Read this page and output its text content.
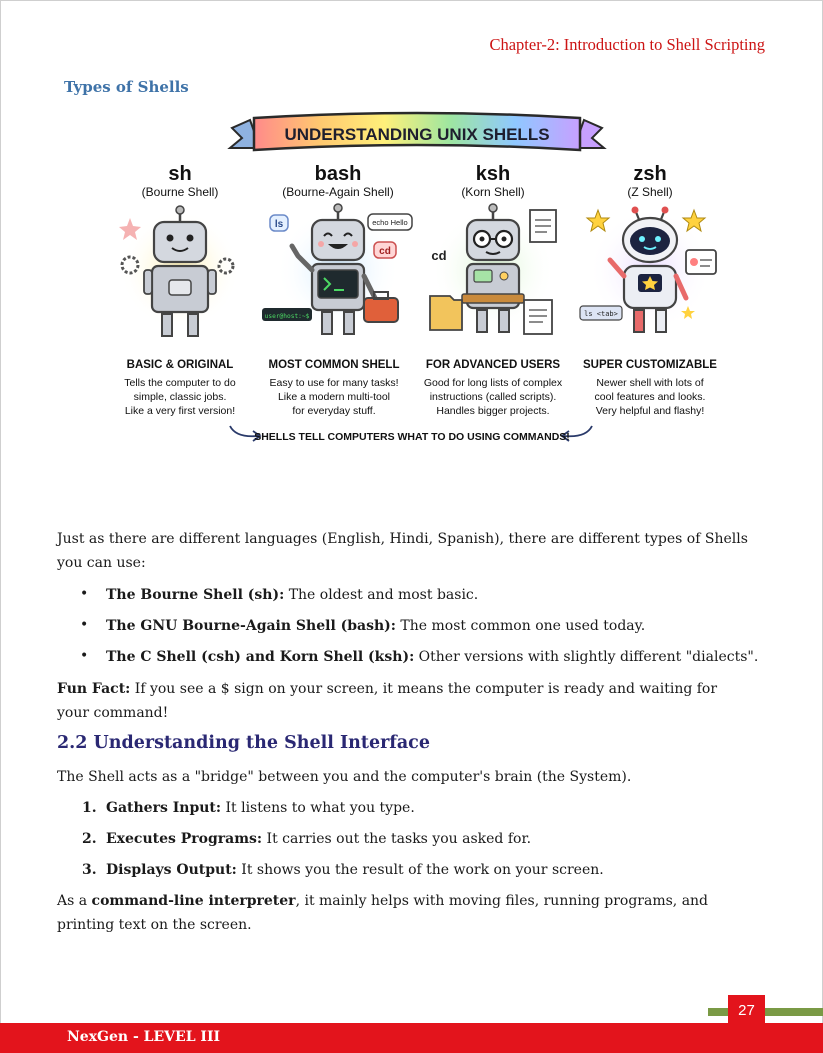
Chapter-2: Introduction to Shell Scripting
Types of Shells
UNDERSTANDING UNIX SHELLS
sh
(Bourne Shell)
BASIC & ORIGINAL
Tells the computer to do
simple, classic jobs.
Like a very first version!
bash
(Bourne-Again Shell)
ls	echo Hello
cd
user@host:~$
MOST COMMON SHELL
Easy to use for many tasks!
Like a modern multi-tool
for everyday stuff.
ksh
(Korn Shell)
cd
FOR ADVANCED USERS
Good for long lists of complex
instructions (called scripts).
Handles bigger projects.
zsh
(Z Shell)
ls <tab>
SUPER CUSTOMIZABLE
Newer shell with lots of
cool features and looks.
Very helpful and flashy!
SHELLS TELL COMPUTERS WHAT TO DO USING COMMANDS!
Just as there are different languages (English, Hindi, Spanish), there are different types of Shells
you can use:
• The Bourne Shell (sh): The oldest and most basic.
• The GNU Bourne-Again Shell (bash): The most common one used today.
• The C Shell (csh) and Korn Shell (ksh): Other versions with slightly different "dialects".
Fun Fact: If you see a $ sign on your screen, it means the computer is ready and waiting for
your command!
2.2 Understanding the Shell Interface
The Shell acts as a "bridge" between you and the computer's brain (the System).
1. Gathers Input: It listens to what you type.
2. Executes Programs: It carries out the tasks you asked for.
3. Displays Output: It shows you the result of the work on your screen.
As a command-line interpreter, it mainly helps with moving files, running programs, and
printing text on the screen.
27
NexGen - LEVEL III
